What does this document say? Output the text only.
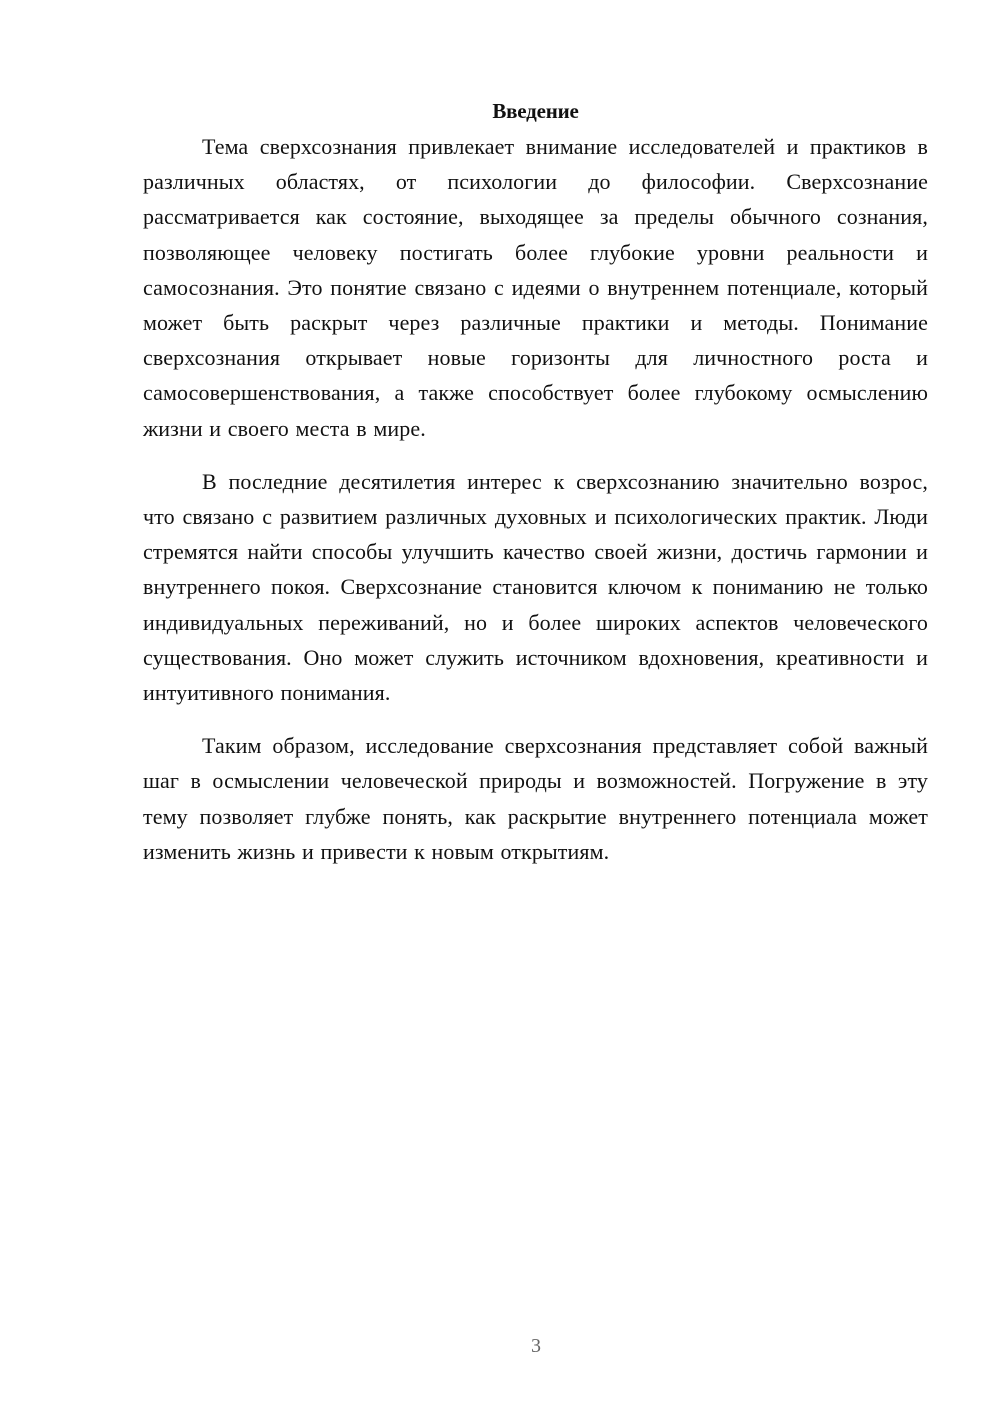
Введение

Тема сверхсознания привлекает внимание исследователей и практиков в различных областях, от психологии до философии. Сверхсознание рассматривается как состояние, выходящее за пределы обычного сознания, позволяющее человеку постигать более глубокие уровни реальности и самосознания. Это понятие связано с идеями о внутреннем потенциале, который может быть раскрыт через различные практики и методы. Понимание сверхсознания открывает новые горизонты для личностного роста и самосовершенствования, а также способствует более глубокому осмыслению жизни и своего места в мире.

В последние десятилетия интерес к сверхсознанию значительно возрос, что связано с развитием различных духовных и психологических практик. Люди стремятся найти способы улучшить качество своей жизни, достичь гармонии и внутреннего покоя. Сверхсознание становится ключом к пониманию не только индивидуальных переживаний, но и более широких аспектов человеческого существования. Оно может служить источником вдохновения, креативности и интуитивного понимания.

Таким образом, исследование сверхсознания представляет собой важный шаг в осмыслении человеческой природы и возможностей. Погружение в эту тему позволяет глубже понять, как раскрытие внутреннего потенциала может изменить жизнь и привести к новым открытиям.

3
